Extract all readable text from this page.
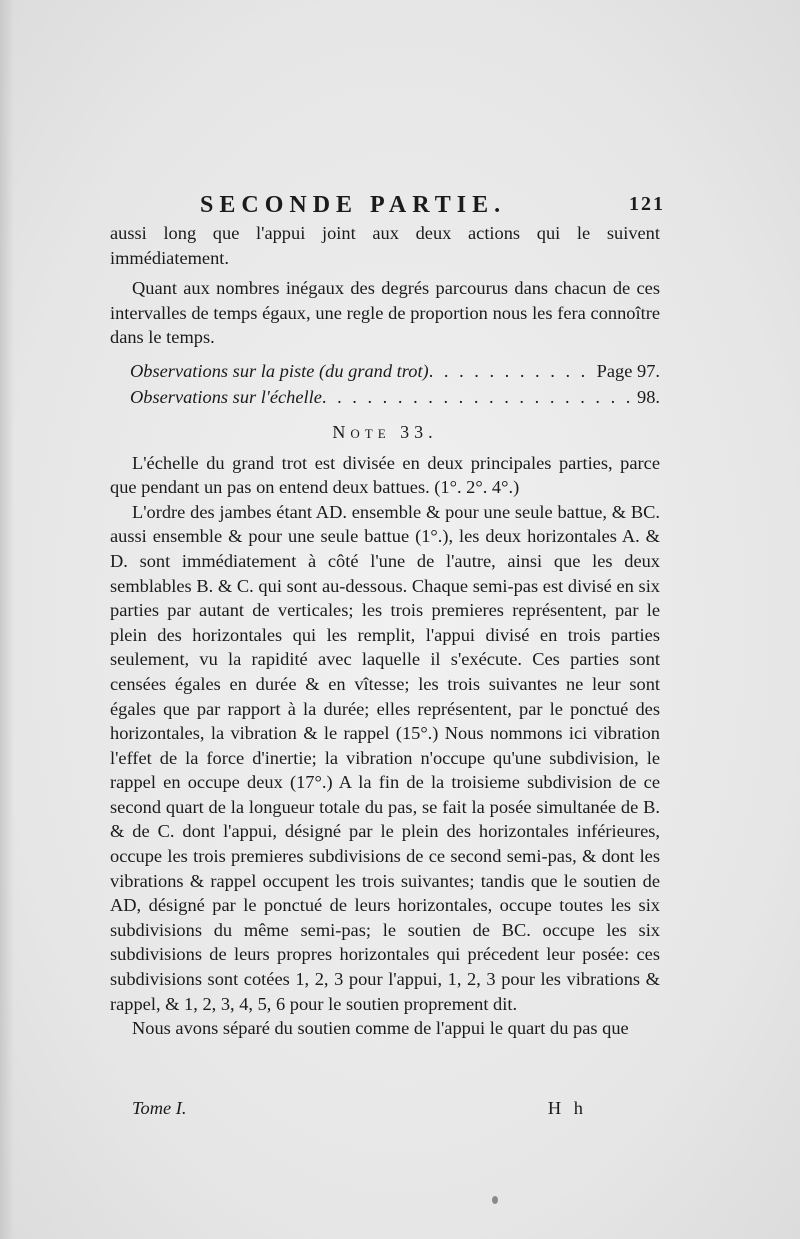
SECONDE PARTIE.	121

aussi long que l'appui joint aux deux actions qui le suivent immédiatement.

Quant aux nombres inégaux des degrés parcourus dans chacun de ces intervalles de temps égaux, une regle de proportion nous les fera connoître dans le temps.

Observations sur la piste (du grand trot) . . .	Page 97.
Observations sur l'échelle . . .	98.
Note 33.

L'échelle du grand trot est divisée en deux principales parties, parce que pendant un pas on entend deux battues. (1°. 2°. 4°.)

L'ordre des jambes étant AD. ensemble & pour une seule battue, & BC. aussi ensemble & pour une seule battue (1°.), les deux horizontales A. & D. sont immédiatement à côté l'une de l'autre, ainsi que les deux semblables B. & C. qui sont au-dessous. Chaque semi-pas est divisé en six parties par autant de verticales; les trois premieres représentent, par le plein des horizontales qui les remplit, l'appui divisé en trois parties seulement, vu la rapidité avec laquelle il s'exécute. Ces parties sont censées égales en durée & en vîtesse; les trois suivantes ne leur sont égales que par rapport à la durée; elles représentent, par le ponctué des horizontales, la vibration & le rappel (15°.) Nous nommons ici vibration l'effet de la force d'inertie; la vibration n'occupe qu'une subdivision, le rappel en occupe deux (17°.) A la fin de la troisieme subdivision de ce second quart de la longueur totale du pas, se fait la posée simultanée de B. & de C. dont l'appui, désigné par le plein des horizontales inférieures, occupe les trois premieres subdivisions de ce second semi-pas, & dont les vibrations & rappel occupent les trois suivantes; tandis que le soutien de AD, désigné par le ponctué de leurs horizontales, occupe toutes les six subdivisions du même semi-pas; le soutien de BC. occupe les six subdivisions de leurs propres horizontales qui précedent leur posée: ces subdivisions sont cotées 1, 2, 3 pour l'appui, 1, 2, 3 pour les vibrations & rappel, & 1, 2, 3, 4, 5, 6 pour le soutien proprement dit.

Nous avons séparé du soutien comme de l'appui le quart du pas que

Tome I.	H h
